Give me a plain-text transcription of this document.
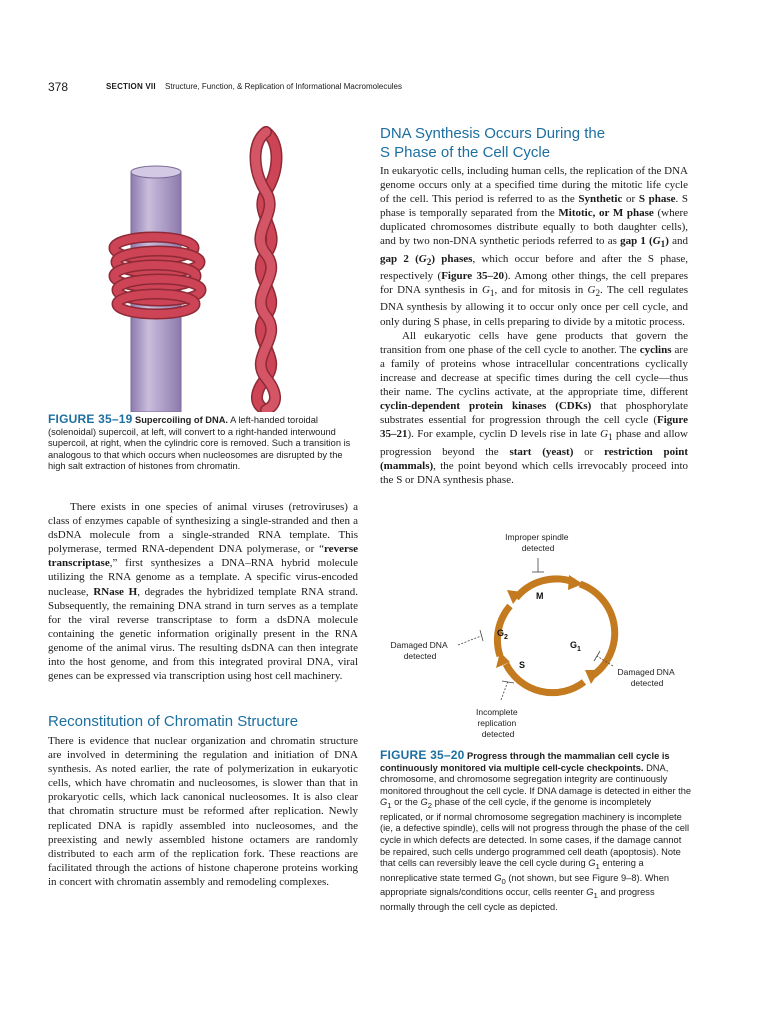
378	SECTION VII Structure, Function, & Replication of Informational Macromolecules
FIGURE 35–19 Supercoiling of DNA. A left-handed toroidal (solenoidal) supercoil, at left, will convert to a right-handed interwound supercoil, at right, when the cylindric core is removed. Such a transition is analogous to that which occurs when nucleosomes are disrupted by the high salt extraction of histones from chromatin.

There exists in one species of animal viruses (retroviruses) a class of enzymes capable of synthesizing a single-stranded and then a dsDNA molecule from a single-stranded RNA template. This polymerase, termed RNA-dependent DNA polymerase, or “reverse transcriptase,” first synthesizes a DNA–RNA hybrid molecule utilizing the RNA genome as a template. A specific virus-encoded nuclease, RNase H, degrades the hybridized template RNA strand. Subsequently, the remaining DNA strand in turn serves as a template for the viral reverse transcriptase to form a dsDNA molecule containing the genetic information originally present in the RNA genome of the animal virus. The resulting dsDNA can then integrate into the host genome, and from this integrated proviral DNA, viral genes can be expressed via transcription using host cell machinery.

Reconstitution of Chromatin Structure

There is evidence that nuclear organization and chromatin structure are involved in determining the regulation and initiation of DNA synthesis. As noted earlier, the rate of polymerization in eukaryotic cells, which have chromatin and nucleosomes, is slower than that in prokaryotic cells, which lack canonical nucleosomes. It is also clear that chromatin structure must be reformed after replication. Newly replicated DNA is rapidly assembled into nucleosomes, and the preexisting and newly assembled histone octamers are randomly distributed to each arm of the replication fork. These reactions are facilitated through the actions of histone chaperone proteins working in concert with chromatin assembly and remodeling complexes.

DNA Synthesis Occurs During the
S Phase of the Cell Cycle

In eukaryotic cells, including human cells, the replication of the DNA genome occurs only at a specified time during the mitotic life cycle of the cell. This period is referred to as the Synthetic or S phase. S phase is temporally separated from the Mitotic, or M phase (where duplicated chromosomes distribute equally to both daughter cells), and by two non-DNA synthetic periods referred to as gap 1 $(G_1)$ and gap 2 $(G_2)$ phases, which occur before and after the S phase, respectively (Figure 35–20). Among other things, the cell prepares for DNA synthesis in $G_1$, and for mitosis in $G_2$. The cell regulates DNA synthesis by allowing it to occur only once per cell cycle, and only during S phase, in cells preparing to divide by a mitotic process.

All eukaryotic cells have gene products that govern the transition from one phase of the cell cycle to another. The cyclins are a family of proteins whose intracellular concentrations cyclically increase and decrease at specific times during the cell cycle—thus their name. The cyclins activate, at the appropriate time, different cyclin-dependent protein kinases (CDKs) that phosphorylate substrates essential for progression through the cell cycle (Figure 35–21). For example, cyclin D levels rise in late $G_1$ phase and allow progression beyond the start (yeast) or restriction point (mammals), the point beyond which cells irrevocably proceed into the S or DNA synthesis phase.

M
$G_2$
$G_1$
S
Improper spindle detected
Damaged DNA detected
Damaged DNA detected
Incomplete replication detected
FIGURE 35–20 Progress through the mammalian cell cycle is continuously monitored via multiple cell-cycle checkpoints. DNA, chromosome, and chromosome segregation integrity are continuously monitored throughout the cell cycle. If DNA damage is detected in either the $G_1$ or the $G_2$ phase of the cell cycle, if the genome is incompletely replicated, or if normal chromosome segregation machinery is incomplete (ie, a defective spindle), cells will not progress through the phase of the cell cycle in which defects are detected. In some cases, if the damage cannot be repaired, such cells undergo programmed cell death (apoptosis). Note that cells can reversibly leave the cell cycle during $G_1$ entering a nonreplicative state termed $G_0$ (not shown, but see Figure 9–8). When appropriate signals/conditions occur, cells reenter $G_1$ and progress normally through the cell cycle as depicted.
